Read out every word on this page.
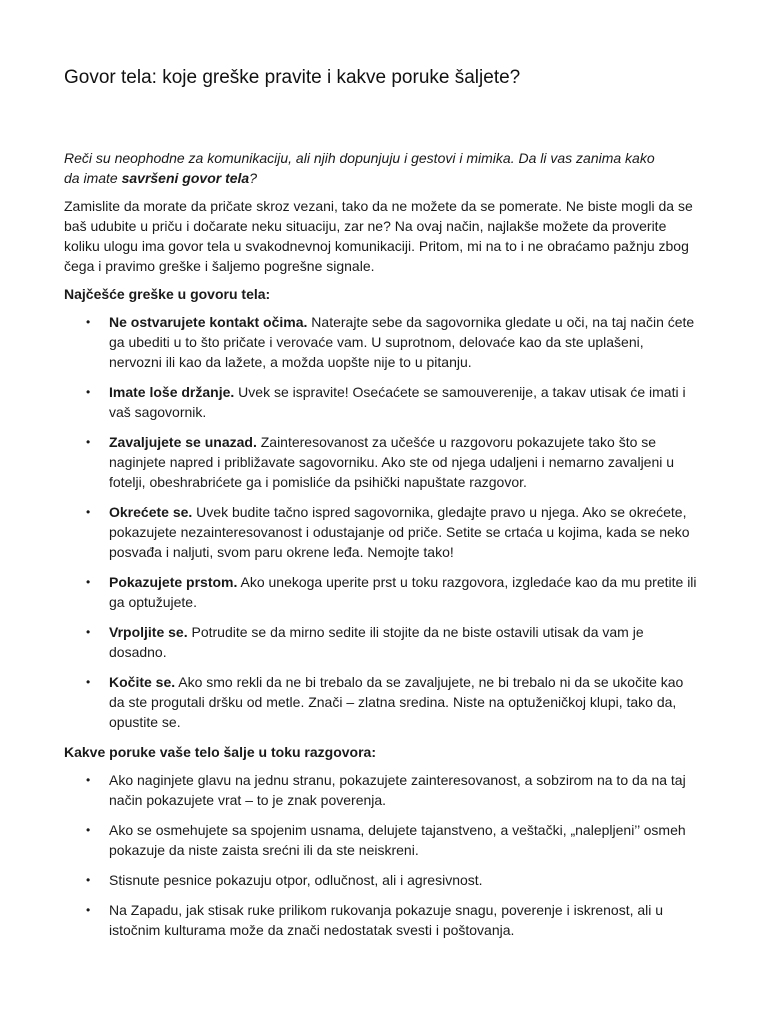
Govor tela: koje greške pravite i kakve poruke šaljete?

Reči su neophodne za komunikaciju, ali njih dopunjuju i gestovi i mimika. Da li vas zanima kako da imate savršeni govor tela?

Zamislite da morate da pričate skroz vezani, tako da ne možete da se pomerate. Ne biste mogli da se baš udubite u priču i dočarate neku situaciju, zar ne? Na ovaj način, najlakše možete da proverite koliku ulogu ima govor tela u svakodnevnoj komunikaciji. Pritom, mi na to i ne obraćamo pažnju zbog čega i pravimo greške i šaljemo pogrešne signale.

Najčešće greške u govoru tela:
• Ne ostvarujete kontakt očima. Naterajte sebe da sagovornika gledate u oči, na taj način ćete ga ubediti u to što pričate i verovaće vam. U suprotnom, delovaće kao da ste uplašeni, nervozni ili kao da lažete, a možda uopšte nije to u pitanju.
• Imate loše držanje. Uvek se ispravite! Osećaćete se samouverenije, a takav utisak će imati i vaš sagovornik.
• Zavaljujete se unazad. Zainteresovanost za učešće u razgovoru pokazujete tako što se naginjete napred i približavate sagovorniku. Ako ste od njega udaljeni i nemarno zavaljeni u fotelji, obeshrabrićete ga i pomisliće da psihički napuštate razgovor.
• Okrećete se. Uvek budite tačno ispred sagovornika, gledajte pravo u njega. Ako se okrećete, pokazujete nezainteresovanost i odustajanje od priče. Setite se crtaća u kojima, kada se neko posvađa i naljuti, svom paru okrene leđa. Nemojte tako!
• Pokazujete prstom. Ako unekoga uperite prst u toku razgovora, izgledaće kao da mu pretite ili ga optužujete.
• Vrpoljite se. Potrudite se da mirno sedite ili stojite da ne biste ostavili utisak da vam je dosadno.
• Kočite se. Ako smo rekli da ne bi trebalo da se zavaljujete, ne bi trebalo ni da se ukočite kao da ste progutali dršku od metle. Znači – zlatna sredina. Niste na optuženičkoj klupi, tako da, opustite se.
Kakve poruke vaše telo šalje u toku razgovora:
• Ako naginjete glavu na jednu stranu, pokazujete zainteresovanost, a sobzirom na to da na taj način pokazujete vrat – to je znak poverenja.
• Ako se osmehujete sa spojenim usnama, delujete tajanstveno, a veštački, „nalepljeni’’ osmeh pokazuje da niste zaista srećni ili da ste neiskreni.
• Stisnute pesnice pokazuju otpor, odlučnost, ali i agresivnost.
• Na Zapadu, jak stisak ruke prilikom rukovanja pokazuje snagu, poverenje i iskrenost, ali u istočnim kulturama može da znači nedostatak svesti i poštovanja.
